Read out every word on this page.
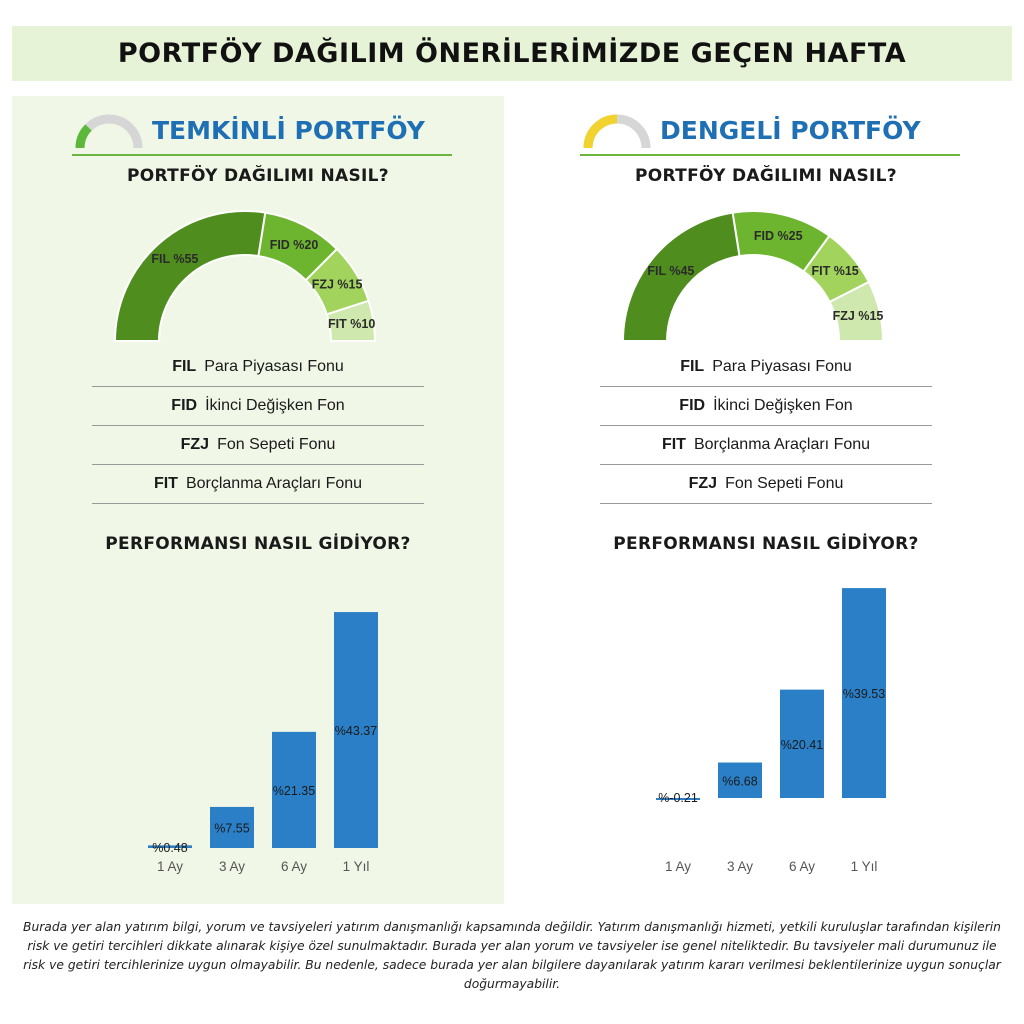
PORTFÖY DAĞILIM ÖNERİLERİMİZDE GEÇEN HAFTA
TEMKİNLİ PORTFÖY
PORTFÖY DAĞILIMI NASIL?
FIL %55
FID %20
FZJ %15
FIT %10
FIL Para Piyasası Fonu
FID İkinci Değişken Fon
FZJ Fon Sepeti Fonu
FIT Borçlanma Araçları Fonu
PERFORMANSI NASIL GİDİYOR?
%0.48
1 Ay
%7.55
3 Ay
%21.35
6 Ay
%43.37
1 Yıl
DENGELİ PORTFÖY
PORTFÖY DAĞILIMI NASIL?
FIL %45
FID %25
FIT %15
FZJ %15
FIL Para Piyasası Fonu
FID İkinci Değişken Fon
FIT Borçlanma Araçları Fonu
FZJ Fon Sepeti Fonu
PERFORMANSI NASIL GİDİYOR?
%-0.21
1 Ay
%6.68
3 Ay
%20.41
6 Ay
%39.53
1 Yıl
Burada yer alan yatırım bilgi, yorum ve tavsiyeleri yatırım danışmanlığı kapsamında değildir. Yatırım danışmanlığı hizmeti, yetkili kuruluşlar tarafından kişilerin risk ve getiri tercihleri dikkate alınarak kişiye özel sunulmaktadır. Burada yer alan yorum ve tavsiyeler ise genel niteliktedir. Bu tavsiyeler mali durumunuz ile risk ve getiri tercihlerinize uygun olmayabilir. Bu nedenle, sadece burada yer alan bilgilere dayanılarak yatırım kararı verilmesi beklentilerinize uygun sonuçlar doğurmayabilir.
